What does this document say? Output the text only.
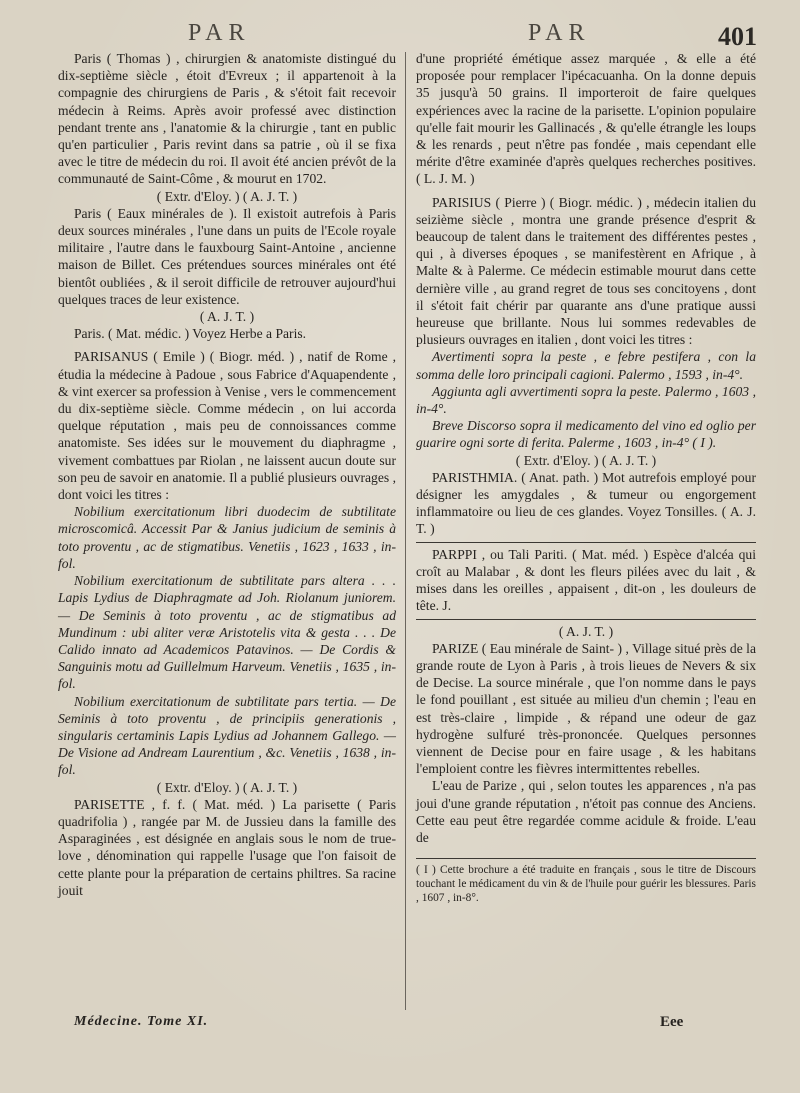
PAR	PAR	401

Paris ( Thomas ) , chirurgien & anatomiste distingué du dix-septième siècle , étoit d'Evreux ; il appartenoit à la compagnie des chirurgiens de Paris , & s'étoit fait recevoir médecin à Reims. Après avoir professé avec distinction pendant trente ans , l'anatomie & la chirurgie , tant en public qu'en particulier , Paris revint dans sa patrie , où il se fixa avec le titre de médecin du roi. Il avoit été ancien prévôt de la communauté de Saint-Côme , & mourut en 1702.

( Extr. d'Eloy. ) ( A. J. T. )

Paris ( Eaux minérales de ). Il existoit autrefois à Paris deux sources minérales , l'une dans un puits de l'Ecole royale militaire , l'autre dans le fauxbourg Saint-Antoine , ancienne maison de Billet. Ces prétendues sources minérales ont été bientôt oubliées , & il seroit difficile de retrouver aujourd'hui quelques traces de leur existence.

( A. J. T. )

Paris. ( Mat. médic. ) Voyez Herbe a Paris.

PARISANUS ( Emile ) ( Biogr. méd. ) , natif de Rome , étudia la médecine à Padoue , sous Fabrice d'Aquapendente , & vint exercer sa profession à Venise , vers le commencement du dix-septième siècle. Comme médecin , on lui accorda quelque réputation , mais peu de connoissances comme anatomiste. Ses idées sur le mouvement du diaphragme , vivement combattues par Riolan , ne laissent aucun doute sur son peu de savoir en anatomie. Il a publié plusieurs ouvrages , dont voici les titres :

Nobilium exercitationum libri duodecim de subtilitate microscomicâ. Accessit Par & Janius judicium de seminis à toto proventu , ac de stigmatibus. Venetiis , 1623 , 1633 , in-fol.

Nobilium exercitationum de subtilitate pars altera . . . Lapis Lydius de Diaphragmate ad Joh. Riolanum juniorem. — De Seminis à toto proventu , ac de stigmatibus ad Mundinum : ubi aliter veræ Aristotelis vita & gesta . . . De Calido innato ad Academicos Patavinos. — De Cordis & Sanguinis motu ad Guillelmum Harveum. Venetiis , 1635 , in-fol.

Nobilium exercitationum de subtilitate pars tertia. — De Seminis à toto proventu , de principiis generationis , singularis certaminis Lapis Lydius ad Johannem Gallego. — De Visione ad Andream Laurentium , &c. Venetiis , 1638 , in-fol.

( Extr. d'Eloy. ) ( A. J. T. )

PARISETTE , f. f. ( Mat. méd. ) La parisette ( Paris quadrifolia ) , rangée par M. de Jussieu dans la famille des Asparaginées , est désignée en anglais sous le nom de true-love , dénomination qui rappelle l'usage que l'on faisoit de cette plante pour la préparation de certains philtres. Sa racine jouit

d'une propriété émétique assez marquée , & elle a été proposée pour remplacer l'ipécacuanha. On la donne depuis 35 jusqu'à 50 grains. Il importeroit de faire quelques expériences avec la racine de la parisette. L'opinion populaire qu'elle fait mourir les Gallinacés , & qu'elle étrangle les loups & les renards , peut n'être pas fondée , mais cependant elle mérite d'être examinée d'après quelques recherches positives. ( L. J. M. )

PARISIUS ( Pierre ) ( Biogr. médic. ) , médecin italien du seizième siècle , montra une grande présence d'esprit & beaucoup de talent dans le traitement des différentes pestes , qui , à diverses époques , se manifestèrent en Afrique , à Malte & à Palerme. Ce médecin estimable mourut dans cette dernière ville , au grand regret de tous ses concitoyens , dont il s'étoit fait chérir par quarante ans d'une pratique aussi heureuse que brillante. Nous lui sommes redevables de plusieurs ouvrages en italien , dont voici les titres :

Avertimenti sopra la peste , e febre pestifera , con la somma delle loro principali cagioni. Palermo , 1593 , in-4°.

Aggiunta agli avvertimenti sopra la peste. Palermo , 1603 , in-4°.

Breve Discorso sopra il medicamento del vino ed oglio per guarire ogni sorte di ferita. Palerme , 1603 , in-4° ( I ).

( Extr. d'Eloy. ) ( A. J. T. )

PARISTHMIA. ( Anat. path. ) Mot autrefois employé pour désigner les amygdales , & tumeur ou engorgement inflammatoire ou lieu de ces glandes. Voyez Tonsilles. ( A. J. T. )

PARPPI , ou Tali Pariti. ( Mat. méd. ) Espèce d'alcéa qui croît au Malabar , & dont les fleurs pilées avec du lait , & mises dans les oreilles , appaisent , dit-on , les douleurs de tête. J.

( A. J. T. )

PARIZE ( Eau minérale de Saint- ) , Village situé près de la grande route de Lyon à Paris , à trois lieues de Nevers & six de Decise. La source minérale , que l'on nomme dans le pays le fond pouillant , est située au milieu d'un chemin ; l'eau en est très-claire , limpide , & répand une odeur de gaz hydrogène sulfuré très-prononcée. Quelques personnes viennent de Decise pour en faire usage , & les habitans l'emploient contre les fièvres intermittentes rebelles.

L'eau de Parize , qui , selon toutes les apparences , n'a pas joui d'une grande réputation , n'étoit pas connue des Anciens. Cette eau peut être regardée comme acidule & froide. L'eau de

( I ) Cette brochure a été traduite en français , sous le titre de Discours touchant le médicament du vin & de l'huile pour guérir les blessures. Paris , 1607 , in-8°.

Médecine. Tome XI.	Eee
